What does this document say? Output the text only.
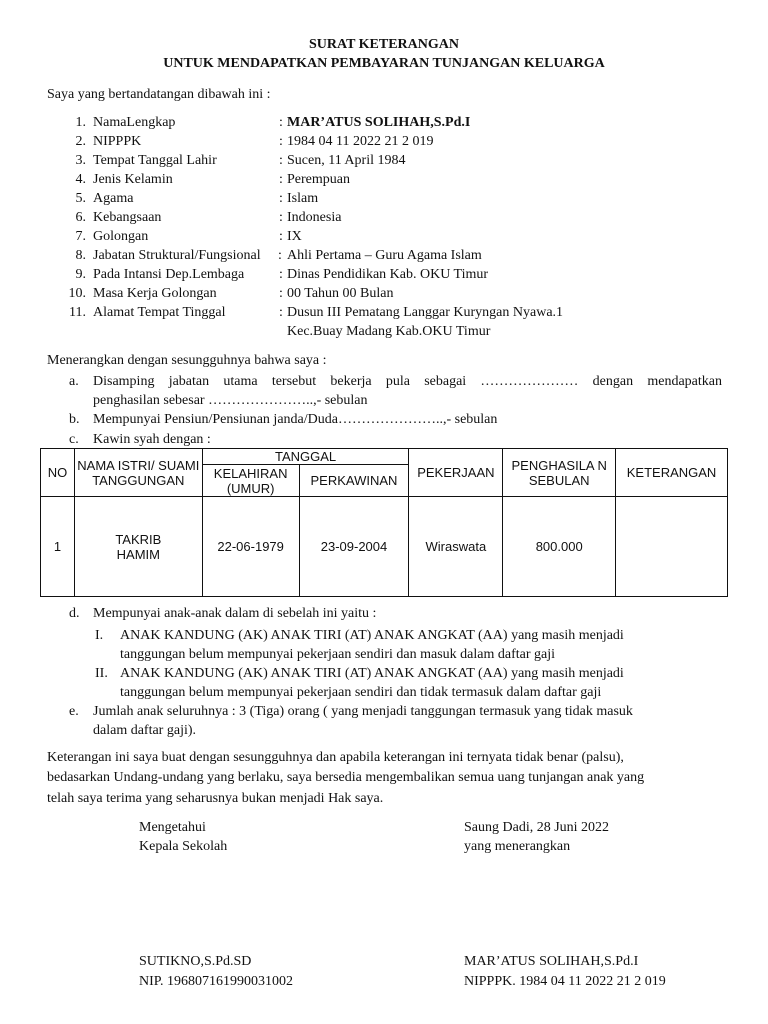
SURAT KETERANGAN
UNTUK MENDAPATKAN PEMBAYARAN TUNJANGAN KELUARGA
Saya yang bertandatangan dibawah ini :
1. NamaLengkap	: MAR’ATUS SOLIHAH,S.Pd.I
2. NIPPPK	: 1984 04 11 2022 21 2 019
3. Tempat Tanggal Lahir	: Sucen, 11 April 1984
4. Jenis Kelamin	: Perempuan
5. Agama	: Islam
6. Kebangsaan	: Indonesia
7. Golongan	: IX
8. Jabatan Struktural/Fungsional : Ahli Pertama – Guru Agama Islam
9. Pada Intansi Dep.Lembaga : Dinas Pendidikan Kab. OKU Timur
10. Masa Kerja Golongan	: 00 Tahun 00 Bulan
11. Alamat Tempat Tinggal	: Dusun III Pematang Langgar Kuryngan Nyawa.1
Kec.Buay Madang Kab.OKU Timur
Menerangkan dengan sesungguhnya bahwa saya :
a. Disamping jabatan utama tersebut bekerja pula sebagai ………………… dengan mendapatkan
penghasilan sebesar …………………..,- sebulan
b. Mempunyai Pensiun/Pensiunan janda/Duda…………………..,- sebulan
c. Kawin syah dengan :
NO	NAMA ISTRI/ SUAMI TANGGUNGAN	TANGGAL		PEKERJAAN	PENGHASILA N SEBULAN	KETERANGAN
		KELAHIRAN (UMUR)	PERKAWINAN			
1	TAKRIB HAMIM	22-06-1979	23-09-2004	Wiraswata	800.000	
d. Mempunyai anak-anak dalam di sebelah ini yaitu :
I. ANAK KANDUNG (AK) ANAK TIRI (AT) ANAK ANGKAT (AA) yang masih menjadi
tanggungan belum mempunyai pekerjaan sendiri dan masuk dalam daftar gaji
II. ANAK KANDUNG (AK) ANAK TIRI (AT) ANAK ANGKAT (AA) yang masih menjadi
tanggungan belum mempunyai pekerjaan sendiri dan tidak termasuk dalam daftar gaji
e. Jumlah anak seluruhnya : 3 (Tiga) orang ( yang menjadi tanggungan termasuk yang tidak masuk
dalam daftar gaji).
Keterangan ini saya buat dengan sesungguhnya dan apabila keterangan ini ternyata tidak benar (palsu),
bedasarkan Undang-undang yang berlaku, saya bersedia mengembalikan semua uang tunjangan anak yang
telah saya terima yang seharusnya bukan menjadi Hak saya.
Mengetahui
Kepala Sekolah
SUTIKNO,S.Pd.SD
NIP. 196807161990031002
Saung Dadi, 28 Juni 2022
yang menerangkan
MAR’ATUS SOLIHAH,S.Pd.I
NIPPPK. 1984 04 11 2022 21 2 019
